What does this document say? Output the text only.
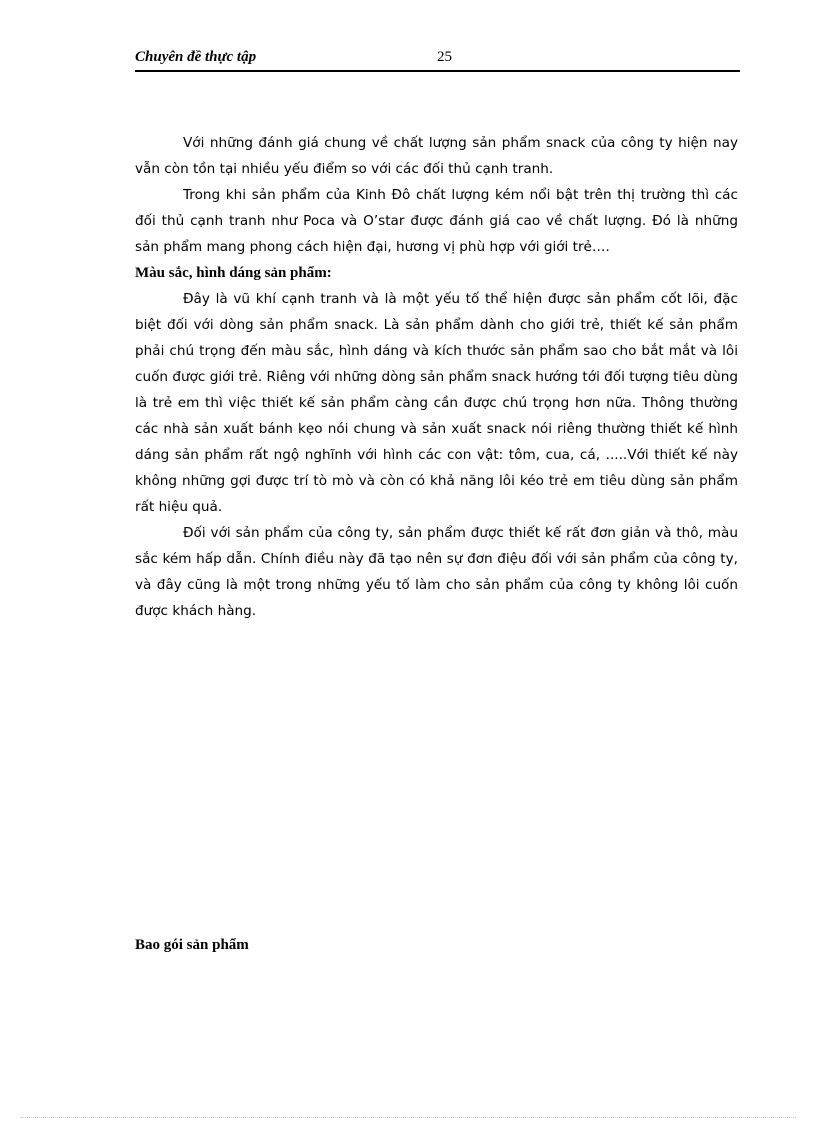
Chuyên đề thực tập	25

Với những đánh giá chung về chất lượng sản phẩm snack của công ty hiện nay vẫn còn tồn tại nhiều yếu điểm so với các đối thủ cạnh tranh.

Trong khi sản phẩm của Kinh Đô chất lượng kém nổi bật trên thị trường thì các đối thủ cạnh tranh như Poca và O’star được đánh giá cao về chất lượng. Đó là những sản phẩm mang phong cách hiện đại, hương vị phù hợp với giới trẻ….

Màu sắc, hình dáng sản phẩm:

Đây là vũ khí cạnh tranh và là một yếu tố thể hiện được sản phẩm cốt lõi, đặc biệt đối với dòng sản phẩm snack. Là sản phẩm dành cho giới trẻ, thiết kế sản phẩm phải chú trọng đến màu sắc, hình dáng và kích thước sản phẩm sao cho bắt mắt và lôi cuốn được giới trẻ. Riêng với những dòng sản phẩm snack hướng tới đối tượng tiêu dùng là trẻ em thì việc thiết kế sản phẩm càng cần được chú trọng hơn nữa. Thông thường các nhà sản xuất bánh kẹo nói chung và sản xuất snack nói riêng thường thiết kế hình dáng sản phẩm rất ngộ nghĩnh với hình các con vật: tôm, cua, cá, .....Với thiết kế này không những gợi được trí tò mò và còn có khả năng lôi kéo trẻ em tiêu dùng sản phẩm rất hiệu quả.

Đối với sản phẩm của công ty, sản phẩm được thiết kế rất đơn giản và thô, màu sắc kém hấp dẫn. Chính điều này đã tạo nên sự đơn điệu đối với sản phẩm của công ty, và đây cũng là một trong những yếu tố làm cho sản phẩm của công ty không lôi cuốn được khách hàng.

Bao gói sản phẩm
